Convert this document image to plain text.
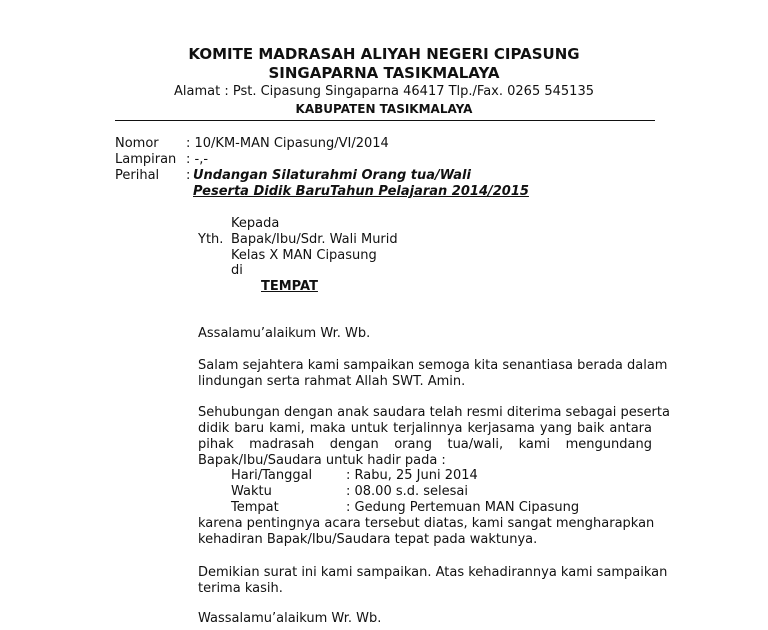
KOMITE MADRASAH ALIYAH NEGERI CIPASUNG
SINGAPARNA TASIKMALAYA
Alamat : Pst. Cipasung Singaparna 46417 Tlp./Fax. 0265 545135
KABUPATEN TASIKMALAYA
Nomor : 10/KM-MAN Cipasung/VI/2014
Lampiran : -,-
Perihal : Undangan Silaturahmi Orang tua/Wali
Peserta Didik BaruTahun Pelajaran 2014/2015
Kepada
Yth. Bapak/Ibu/Sdr. Wali Murid
Kelas X MAN Cipasung
di
TEMPAT
Assalamu’alaikum Wr. Wb.
Salam sejahtera kami sampaikan semoga kita senantiasa berada dalam
lindungan serta rahmat Allah SWT. Amin.
Sehubungan dengan anak saudara telah resmi diterima sebagai peserta
didik baru kami, maka untuk terjalinnya kerjasama yang baik antara
pihak madrasah dengan orang tua/wali, kami mengundang
Bapak/Ibu/Saudara untuk hadir pada :
Hari/Tanggal	: Rabu, 25 Juni 2014
Waktu	: 08.00 s.d. selesai
Tempat	: Gedung Pertemuan MAN Cipasung
karena pentingnya acara tersebut diatas, kami sangat mengharapkan
kehadiran Bapak/Ibu/Saudara tepat pada waktunya.
Demikian surat ini kami sampaikan. Atas kehadirannya kami sampaikan
terima kasih.
Wassalamu’alaikum Wr. Wb.
